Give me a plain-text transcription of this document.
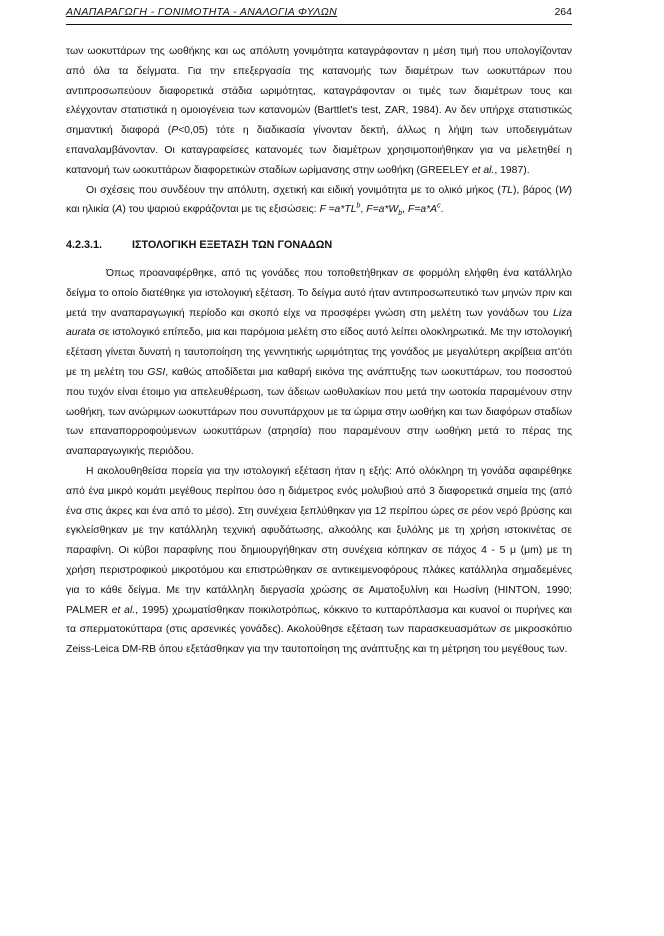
ΑΝΑΠΑΡΑΓΩΓΗ - ΓΟΝΙΜΟΤΗΤΑ - ΑΝΑΛΟΓΙΑ ΦΥΛΩΝ	264

των ωοκυττάρων της ωοθήκης και ως απόλυτη γονιμότητα καταγράφονταν η μέση τιμή που υπολογίζονταν από όλα τα δείγματα. Για την επεξεργασία της κατανομής των διαμέτρων των ωοκυττάρων που αντιπροσωπεύουν διαφορετικά στάδια ωριμότητας, καταγράφονταν οι τιμές των διαμέτρων τους και ελέγχονταν στατιστικά η ομοιογένεια των κατανομών (Barttlet's test, ZAR, 1984). Αν δεν υπήρχε στατιστικώς σημαντική διαφορά (P<0,05) τότε η διαδικασία γίνονταν δεκτή, άλλως η λήψη των υποδειγμάτων επαναλαμβάνονταν. Οι καταγραφείσες κατανομές των διαμέτρων χρησιμοποιήθηκαν για να μελετηθεί η κατανομή των ωοκυττάρων διαφορετικών σταδίων ωρίμανσης στην ωοθήκη (GREELEY et al., 1987).

Οι σχέσεις που συνδέουν την απόλυτη, σχετική και ειδική γονιμότητα με το ολικό μήκος (TL), βάρος (W) και ηλικία (A) του ψαριού εκφράζονται με τις εξισώσεις: $F =a*TL^b$, $F=a*W_b$, $F=a*A^c$.

4.2.3.1.	ΙΣΤΟΛΟΓΙΚΗ ΕΞΕΤΑΣΗ ΤΩΝ ΓΟΝΑΔΩΝ

Όπως προαναφέρθηκε, από τις γονάδες που τοποθετήθηκαν σε φορμόλη ελήφθη ένα κατάλληλο δείγμα το οποίο διατέθηκε για ιστολογική εξέταση. Το δείγμα αυτό ήταν αντιπροσωπευτικό των μηνών πριν και μετά την αναπαραγωγική περίοδο και σκοπό είχε να προσφέρει γνώση στη μελέτη των γονάδων του Liza aurata σε ιστολογικό επίπεδο, μια και παρόμοια μελέτη στο είδος αυτό λείπει ολοκληρωτικά. Με την ιστολογική εξέταση γίνεται δυνατή η ταυτοποίηση της γεννητικής ωριμότητας της γονάδος με μεγαλύτερη ακρίβεια απ'ότι με τη μελέτη του GSI, καθώς αποδίδεται μια καθαρή εικόνα της ανάπτυξης των ωοκυττάρων, του ποσοστού που τυχόν είναι έτοιμο για απελευθέρωση, των άδειων ωοθυλακίων που μετά την ωοτοκία παραμένουν στην ωοθήκη, των ανώριμων ωοκυττάρων που συνυπάρχουν με τα ώριμα στην ωοθήκη και των διαφόρων σταδίων των επαναπορροφούμενων ωοκυττάρων (ατρησία) που παραμένουν στην ωοθήκη μετά το πέρας της αναπαραγωγικής περιόδου.

Η ακολουθηθείσα πορεία για την ιστολογική εξέταση ήταν η εξής: Από ολόκληρη τη γονάδα αφαιρέθηκε από ένα μικρό κομάτι μεγέθους περίπου όσο η διάμετρος ενός μολυβιού από 3 διαφορετικά σημεία της (από ένα στις άκρες και ένα από το μέσο). Στη συνέχεια ξεπλύθηκαν για 12 περίπου ώρες σε ρέον νερό βρύσης και εγκλείσθηκαν με την κατάλληλη τεχνική αφυδάτωσης, αλκοόλης και ξυλόλης με τη χρήση ιστοκινέτας σε παραφίνη. Οι κύβοι παραφίνης που δημιουργήθηκαν στη συνέχεια κόπηκαν σε πάχος 4 - 5 μ (μm) με τη χρήση περιστροφικού μικροτόμου και επιστρώθηκαν σε αντικειμενοφόρους πλάκες κατάλληλα σημαδεμένες για το κάθε δείγμα. Με την κατάλληλη διεργασία χρώσης σε Αιματοξυλίνη και Ηωσίνη (HINTON, 1990; PALMER et al., 1995) χρωματίσθηκαν ποικιλοτρόπως, κόκκινο το κυτταρόπλασμα και κυανοί οι πυρήνες και τα σπερματοκύτταρα (στις αρσενικές γονάδες). Ακολούθησε εξέταση των παρασκευασμάτων σε μικροσκόπιο Zeiss-Leica DM-RB όπου εξετάσθηκαν για την ταυτοποίηση της ανάπτυξης και τη μέτρηση του μεγέθους των.
